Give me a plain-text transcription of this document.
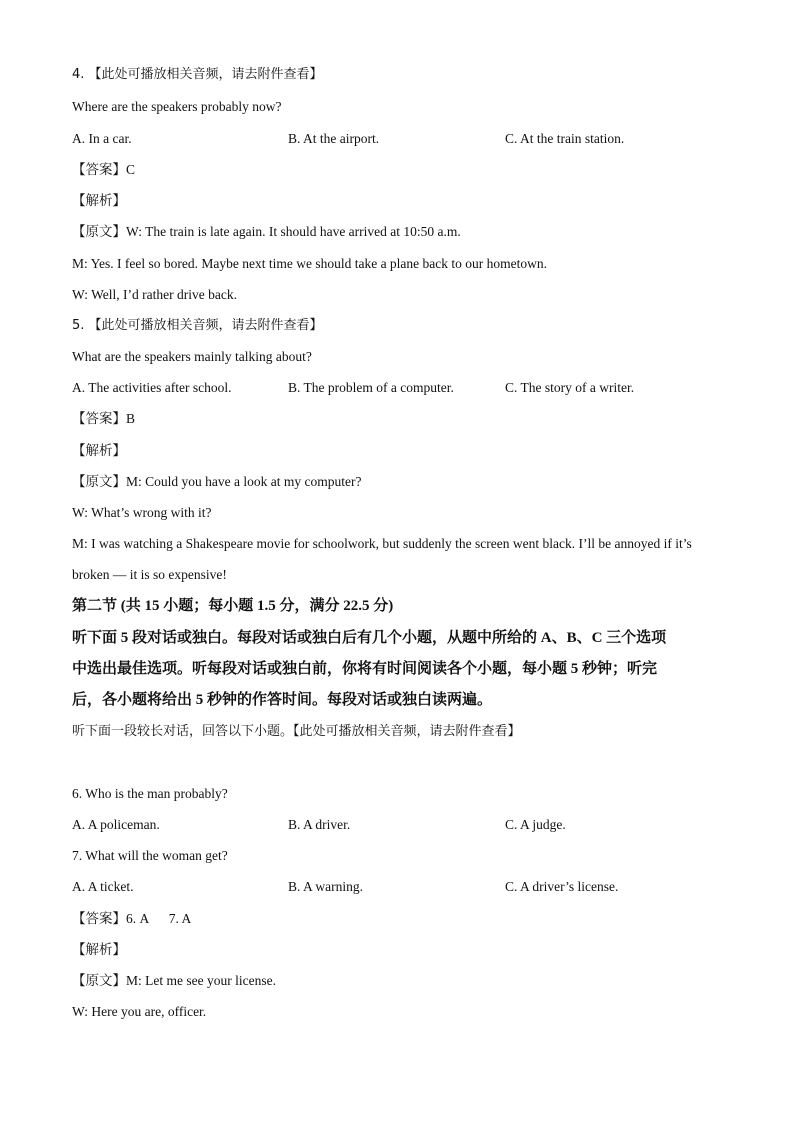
4. 【此处可播放相关音频，请去附件查看】
Where are the speakers probably now?
A. In a car.	B. At the airport.	C. At the train station.
【答案】C
【解析】
【原文】W: The train is late again. It should have arrived at 10:50 a.m.
M: Yes. I feel so bored. Maybe next time we should take a plane back to our hometown.
W: Well, I’d rather drive back.
5. 【此处可播放相关音频，请去附件查看】
What are the speakers mainly talking about?
A. The activities after school.	B. The problem of a computer.	C. The story of a writer.
【答案】B
【解析】
【原文】M: Could you have a look at my computer?
W: What’s wrong with it?
M: I was watching a Shakespeare movie for schoolwork, but suddenly the screen went black. I’ll be annoyed if it’s
broken — it is so expensive!
第二节 (共 15 小题；每小题 1.5 分，满分 22.5 分)
听下面 5 段对话或独白。每段对话或独白后有几个小题，从题中所给的 A、B、C 三个选项
中选出最佳选项。听每段对话或独白前，你将有时间阅读各个小题，每小题 5 秒钟；听完
后，各小题将给出 5 秒钟的作答时间。每段对话或独白读两遍。
听下面一段较长对话，回答以下小题。【此处可播放相关音频，请去附件查看】
6. Who is the man probably?
A. A policeman.	B. A driver.	C. A judge.
7. What will the woman get?
A. A ticket.	B. A warning.	C. A driver’s license.
【答案】6. A      7. A
【解析】
【原文】M: Let me see your license.
W: Here you are, officer.
